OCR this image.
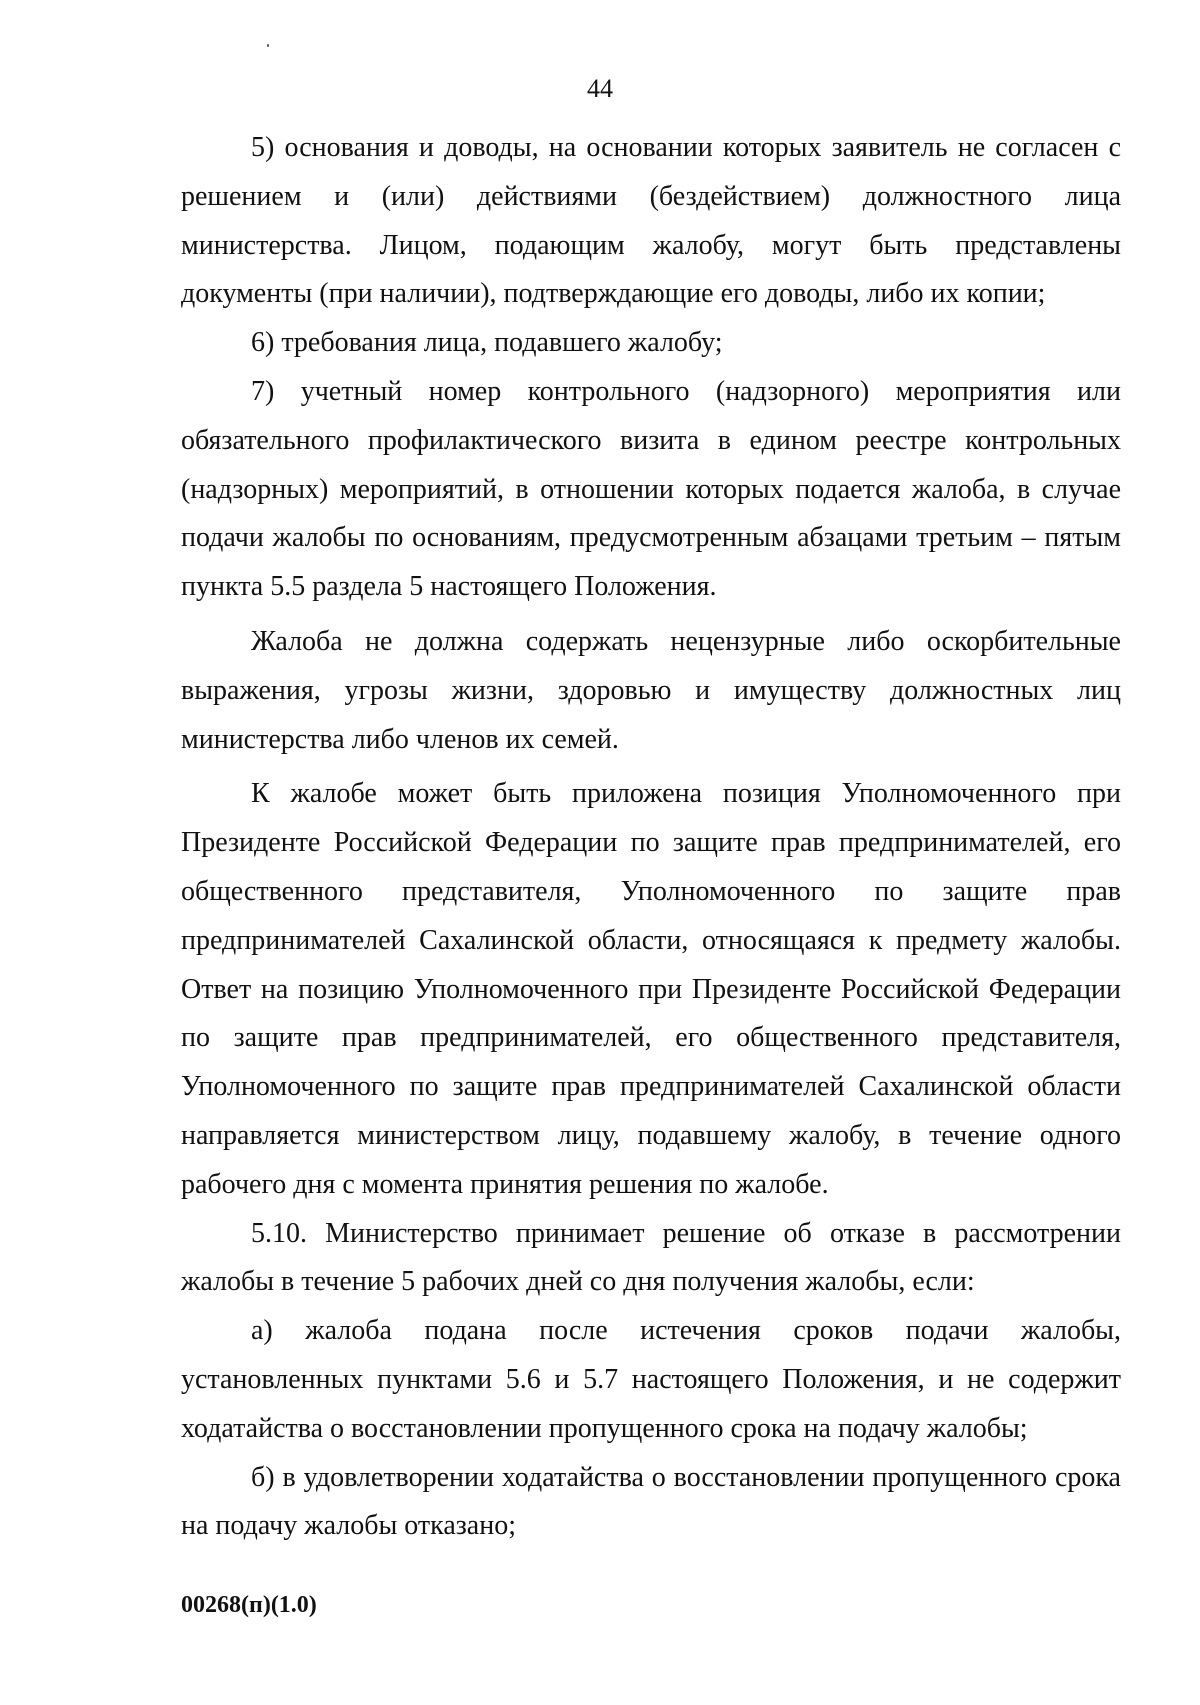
44

5) основания и доводы, на основании которых заявитель не согласен с решением и (или) действиями (бездействием) должностного лица министерства. Лицом, подающим жалобу, могут быть представлены документы (при наличии), подтверждающие его доводы, либо их копии;

6) требования лица, подавшего жалобу;

7) учетный номер контрольного (надзорного) мероприятия или обязательного профилактического визита в едином реестре контрольных (надзорных) мероприятий, в отношении которых подается жалоба, в случае подачи жалобы по основаниям, предусмотренным абзацами третьим – пятым пункта 5.5 раздела 5 настоящего Положения.

Жалоба не должна содержать нецензурные либо оскорбительные выражения, угрозы жизни, здоровью и имуществу должностных лиц министерства либо членов их семей.

К жалобе может быть приложена позиция Уполномоченного при Президенте Российской Федерации по защите прав предпринимателей, его общественного представителя, Уполномоченного по защите прав предпринимателей Сахалинской области, относящаяся к предмету жалобы. Ответ на позицию Уполномоченного при Президенте Российской Федерации по защите прав предпринимателей, его общественного представителя, Уполномоченного по защите прав предпринимателей Сахалинской области направляется министерством лицу, подавшему жалобу, в течение одного рабочего дня с момента принятия решения по жалобе.

5.10. Министерство принимает решение об отказе в рассмотрении жалобы в течение 5 рабочих дней со дня получения жалобы, если:

а) жалоба подана после истечения сроков подачи жалобы, установленных пунктами 5.6 и 5.7 настоящего Положения, и не содержит ходатайства о восстановлении пропущенного срока на подачу жалобы;

б) в удовлетворении ходатайства о восстановлении пропущенного срока на подачу жалобы отказано;

00268(п)(1.0)
